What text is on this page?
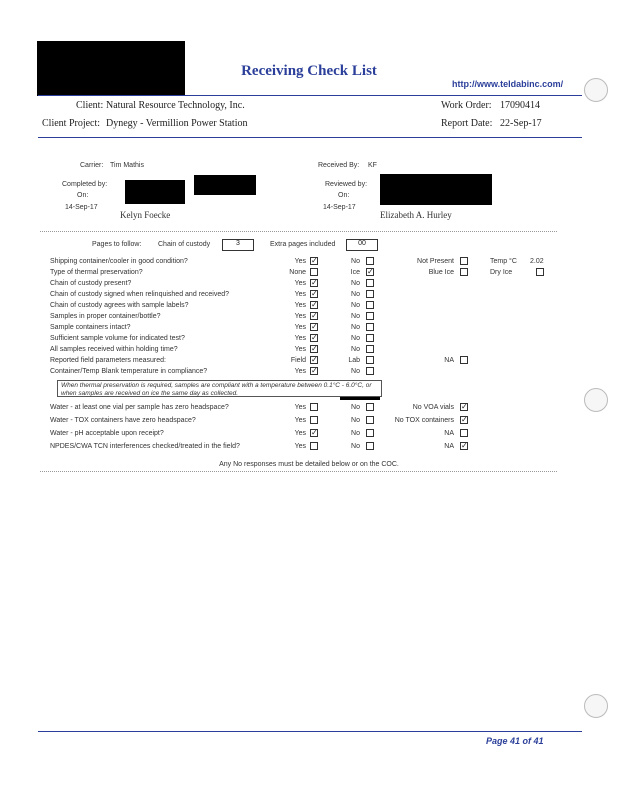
Receiving Check List
http://www.teldabinc.com/
Client: Natural Resource Technology, Inc.
Client Project: Dynegy - Vermillion Power Station
Work Order: 17090414
Report Date: 22-Sep-17
Carrier: Tim Mathis	Received By: KF
Completed by:
On:
14-Sep-17
Kelyn Foecke
Reviewed by:
On:
14-Sep-17
Elizabeth A. Hurley
Pages to follow: Chain of custody	3	Extra pages included	00
Shipping container/cooler in good condition?	Yes ✓	No	Not Present	Temp °C 2.02
Type of thermal preservation?	None	Ice ✓	Blue Ice	Dry Ice
Chain of custody present?	Yes ✓	No
Chain of custody signed when relinquished and received?	Yes ✓	No
Chain of custody agrees with sample labels?	Yes ✓	No
Samples in proper container/bottle?	Yes ✓	No
Sample containers intact?	Yes ✓	No
Sufficient sample volume for indicated test?	Yes ✓	No
All samples received within holding time?	Yes ✓	No
Reported field parameters measured:	Field ✓	Lab	NA
Container/Temp Blank temperature in compliance?	Yes ✓	No
When thermal preservation is required, samples are compliant with a temperature between 0.1°C - 6.0°C, or when samples are received on ice the same day as collected.
Water - at least one vial per sample has zero headspace?	Yes	No	No VOA vials ✓
Water - TOX containers have zero headspace?	Yes	No	No TOX containers ✓
Water - pH acceptable upon receipt?	Yes ✓	No	NA
NPDES/CWA TCN interferences checked/treated in the field?	Yes	No	NA ✓
Any No responses must be detailed below or on the COC.
Page 41 of 41
